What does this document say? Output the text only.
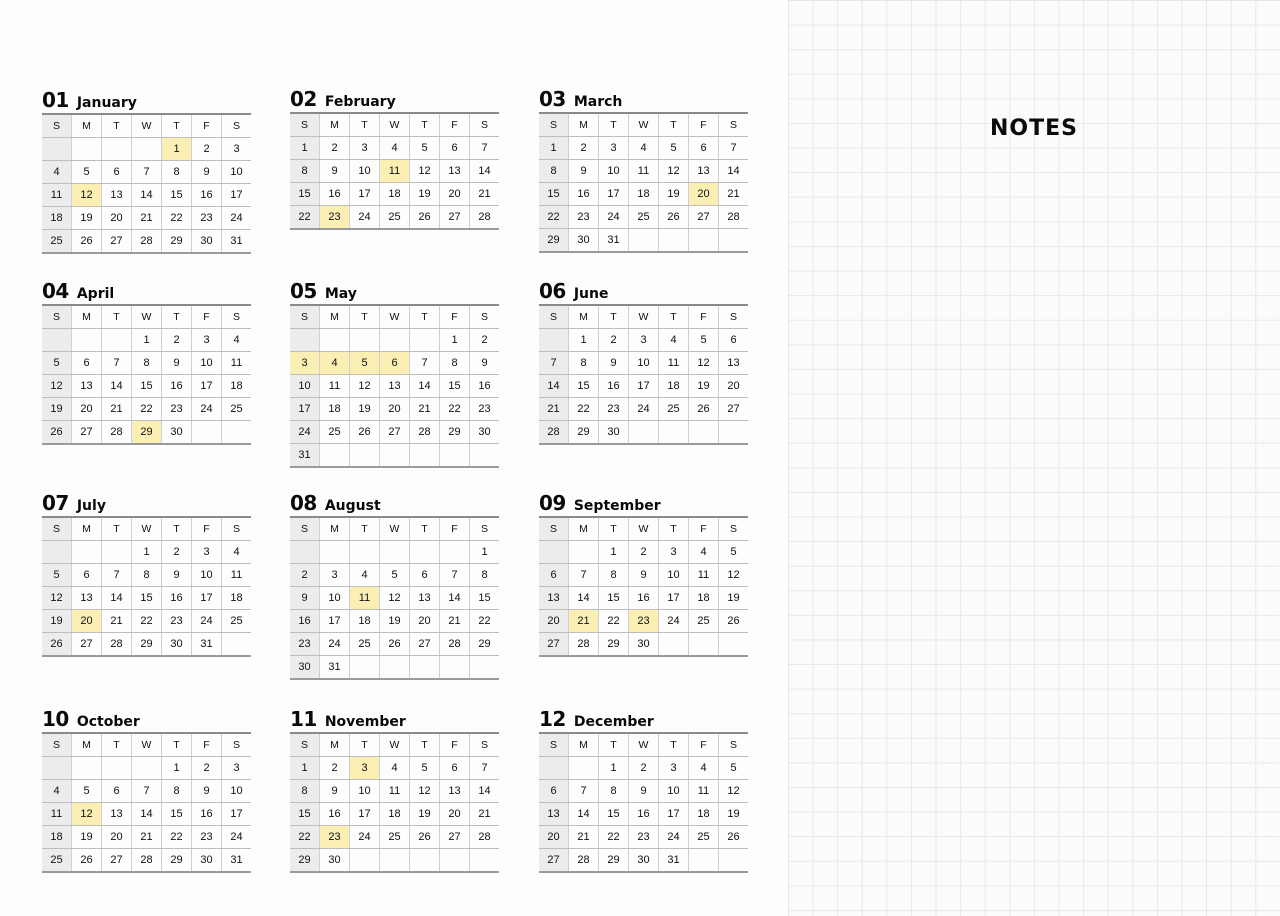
01 January
S	M	T	W	T	F	S
				1	2	3
4	5	6	7	8	9	10
11	12	13	14	15	16	17
18	19	20	21	22	23	24
25	26	27	28	29	30	31
02 February
S	M	T	W	T	F	S
1	2	3	4	5	6	7
8	9	10	11	12	13	14
15	16	17	18	19	20	21
22	23	24	25	26	27	28
03 March
S	M	T	W	T	F	S
1	2	3	4	5	6	7
8	9	10	11	12	13	14
15	16	17	18	19	20	21
22	23	24	25	26	27	28
29	30	31				
04 April
S	M	T	W	T	F	S
			1	2	3	4
5	6	7	8	9	10	11
12	13	14	15	16	17	18
19	20	21	22	23	24	25
26	27	28	29	30		
05 May
S	M	T	W	T	F	S
					1	2
3	4	5	6	7	8	9
10	11	12	13	14	15	16
17	18	19	20	21	22	23
24	25	26	27	28	29	30
31						
06 June
S	M	T	W	T	F	S
	1	2	3	4	5	6
7	8	9	10	11	12	13
14	15	16	17	18	19	20
21	22	23	24	25	26	27
28	29	30				
07 July
S	M	T	W	T	F	S
			1	2	3	4
5	6	7	8	9	10	11
12	13	14	15	16	17	18
19	20	21	22	23	24	25
26	27	28	29	30	31	
08 August
S	M	T	W	T	F	S
						1
2	3	4	5	6	7	8
9	10	11	12	13	14	15
16	17	18	19	20	21	22
23	24	25	26	27	28	29
30	31					
09 September
S	M	T	W	T	F	S
		1	2	3	4	5
6	7	8	9	10	11	12
13	14	15	16	17	18	19
20	21	22	23	24	25	26
27	28	29	30			
10 October
S	M	T	W	T	F	S
				1	2	3
4	5	6	7	8	9	10
11	12	13	14	15	16	17
18	19	20	21	22	23	24
25	26	27	28	29	30	31
11 November
S	M	T	W	T	F	S
1	2	3	4	5	6	7
8	9	10	11	12	13	14
15	16	17	18	19	20	21
22	23	24	25	26	27	28
29	30					
12 December
S	M	T	W	T	F	S
		1	2	3	4	5
6	7	8	9	10	11	12
13	14	15	16	17	18	19
20	21	22	23	24	25	26
27	28	29	30	31		
NOTES
